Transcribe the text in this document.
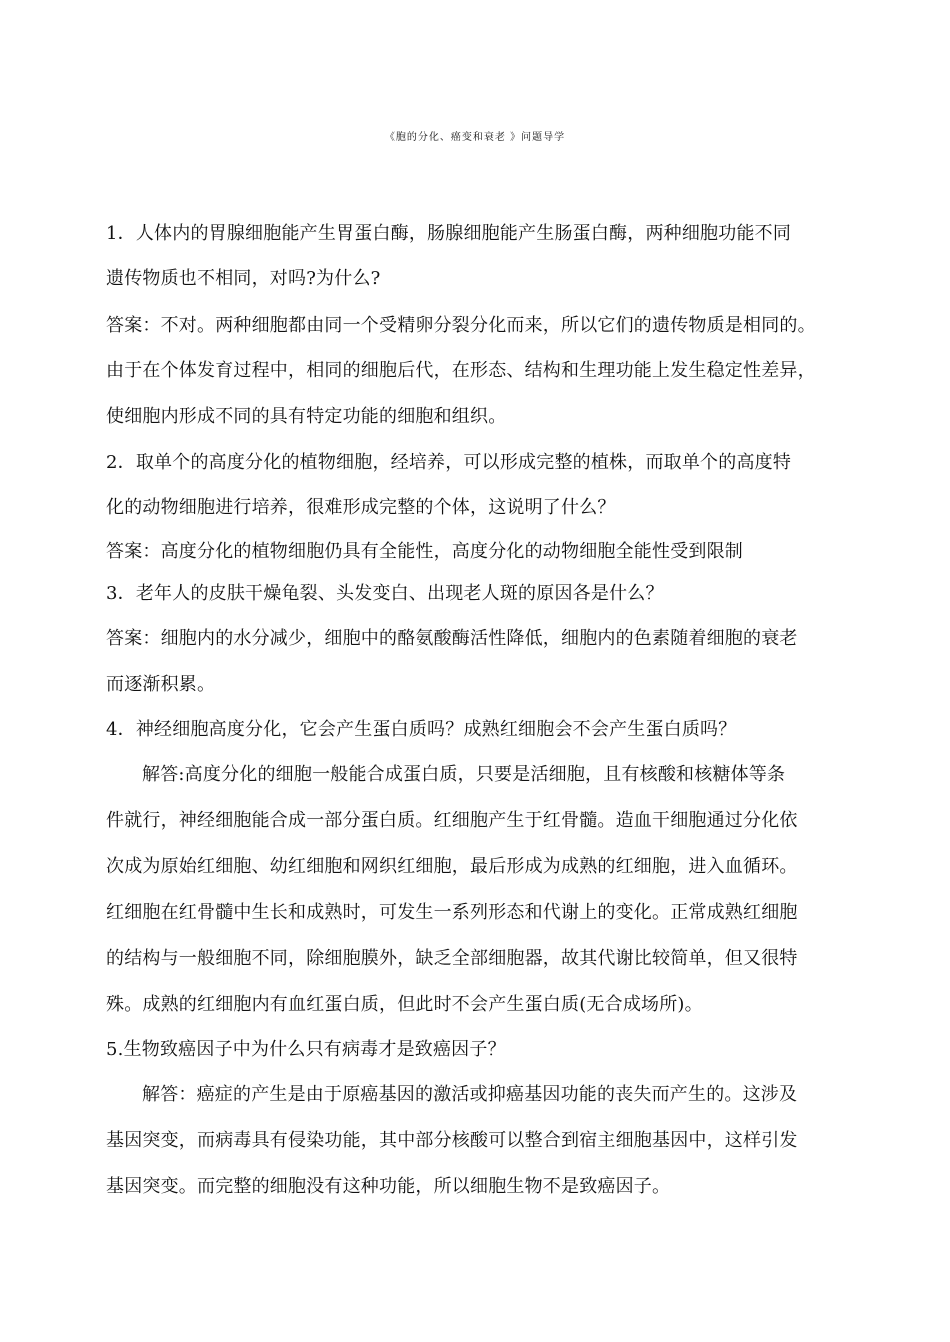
《胞的分化、癌变和衰老 》问题导学
1．人体内的胃腺细胞能产生胃蛋白酶，肠腺细胞能产生肠蛋白酶，两种细胞功能不同
遗传物质也不相同，对吗?为什么?
答案：不对。两种细胞都由同一个受精卵分裂分化而来，所以它们的遗传物质是相同的。
由于在个体发育过程中，相同的细胞后代，在形态、结构和生理功能上发生稳定性差异，
使细胞内形成不同的具有特定功能的细胞和组织。
2．取单个的高度分化的植物细胞，经培养，可以形成完整的植株，而取单个的高度特
化的动物细胞进行培养，很难形成完整的个体，这说明了什么？
答案：高度分化的植物细胞仍具有全能性，高度分化的动物细胞全能性受到限制
3．老年人的皮肤干燥龟裂、头发变白、出现老人斑的原因各是什么？
答案：细胞内的水分减少，细胞中的酪氨酸酶活性降低，细胞内的色素随着细胞的衰老
而逐渐积累。
4．神经细胞高度分化，它会产生蛋白质吗？成熟红细胞会不会产生蛋白质吗？
解答:高度分化的细胞一般能合成蛋白质，只要是活细胞，且有核酸和核糖体等条
件就行，神经细胞能合成一部分蛋白质。红细胞产生于红骨髓。造血干细胞通过分化依
次成为原始红细胞、幼红细胞和网织红细胞，最后形成为成熟的红细胞，进入血循环。
红细胞在红骨髓中生长和成熟时，可发生一系列形态和代谢上的变化。正常成熟红细胞
的结构与一般细胞不同，除细胞膜外，缺乏全部细胞器，故其代谢比较简单，但又很特
殊。成熟的红细胞内有血红蛋白质，但此时不会产生蛋白质(无合成场所)。
5.生物致癌因子中为什么只有病毒才是致癌因子？
解答：癌症的产生是由于原癌基因的激活或抑癌基因功能的丧失而产生的。这涉及
基因突变，而病毒具有侵染功能，其中部分核酸可以整合到宿主细胞基因中，这样引发
基因突变。而完整的细胞没有这种功能，所以细胞生物不是致癌因子。
